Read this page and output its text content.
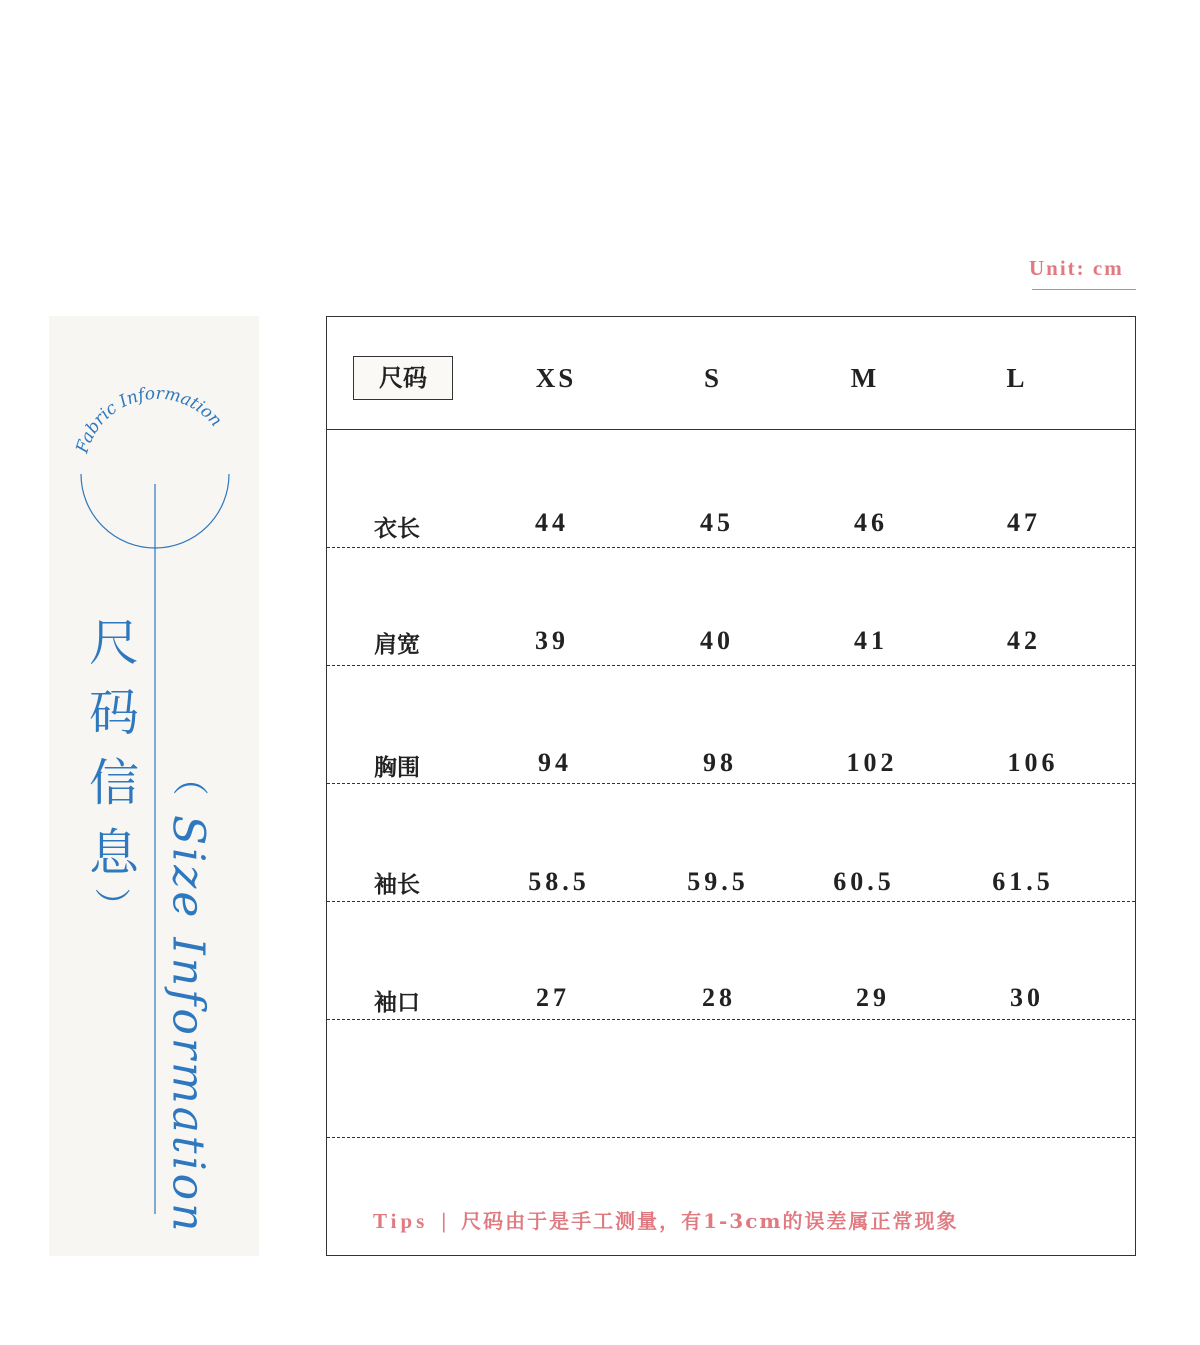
Unit: cm
Fabric Information
尺码信息
（
） Size Information
尺码	XS	S	M	L
衣长	44	45	46	47
肩宽	39	40	41	42
胸围	94	98	102	106
袖长	58.5	59.5	60.5	61.5
袖口	27	28	29	30
Tips | 尺码由于是手工测量，有1-3cm的误差属正常现象
